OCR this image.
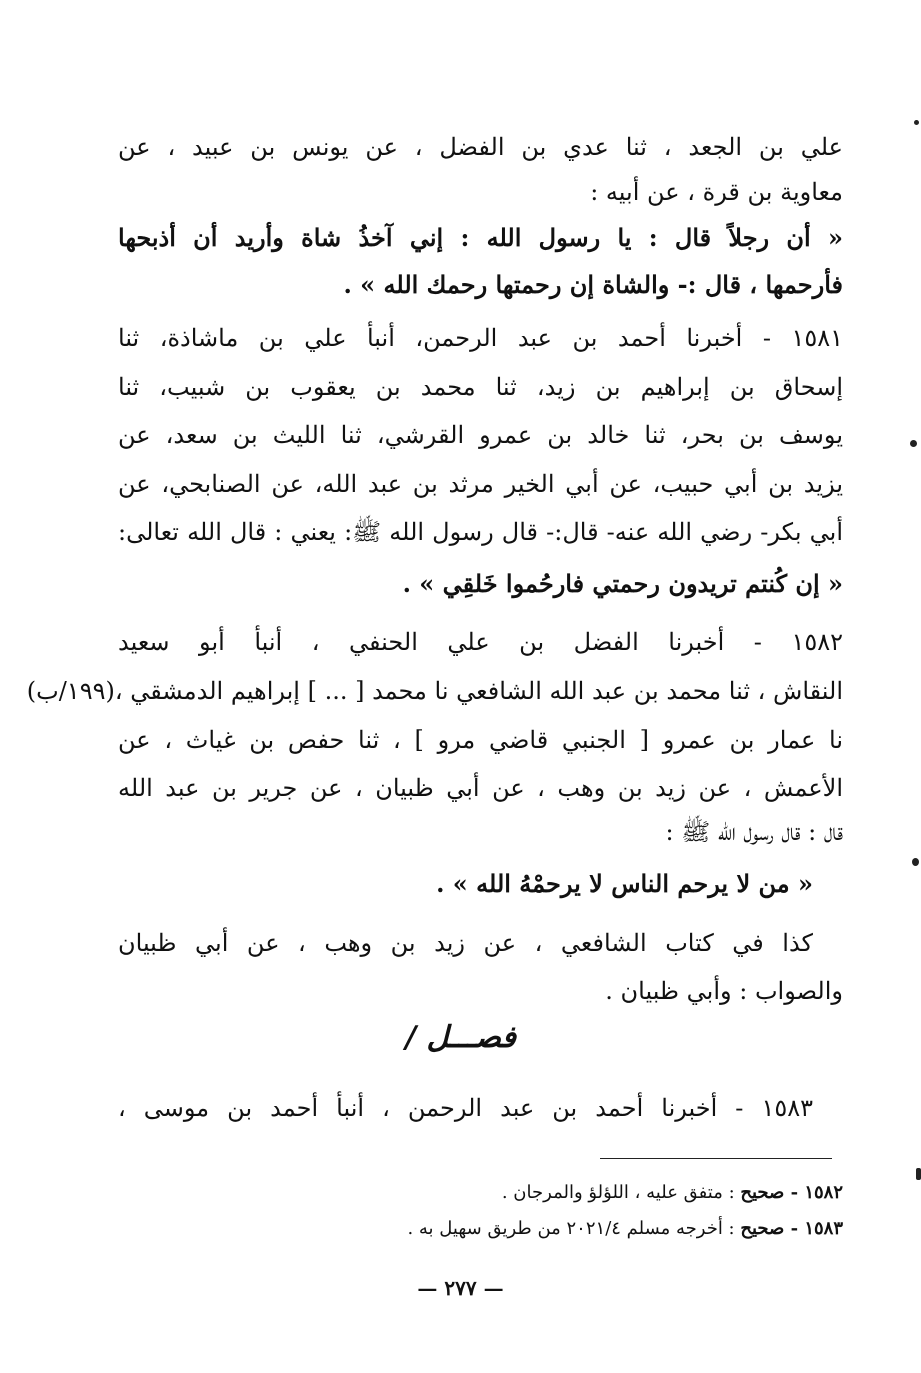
علي بن الجعد ، ثنا عدي بن الفضل ، عن يونس بن عبيد ، عن
معاوية بن قرة ، عن أبيه :
« أن رجلاً قال : يا رسول الله : إني آخذُ شاة وأريد أن أذبحها
فأرحمها ، قال :- والشاة إن رحمتها رحمك الله » .
١٥٨١ - أخبرنا أحمد بن عبد الرحمن، أنبأ علي بن ماشاذة، ثنا
إسحاق بن إبراهيم بن زيد، ثنا محمد بن يعقوب بن شبيب، ثنا
يوسف بن بحر، ثنا خالد بن عمرو القرشي، ثنا الليث بن سعد، عن
يزيد بن أبي حبيب، عن أبي الخير مرثد بن عبد الله، عن الصنابحي، عن
أبي بكر- رضي الله عنه- قال:- قال رسول الله ﷺ: يعني : قال الله تعالى:
« إن كُنتم تريدون رحمتي فارحُموا خَلقِي » .
١٥٨٢ - أخبرنا الفضل بن علي الحنفي ، أنبأ أبو سعيد
النقاش ، ثنا محمد بن عبد الله الشافعي نا محمد [ ... ] إبراهيم الدمشقي ،(١٩٩/ب)
نا عمار بن عمرو [ الجنبي قاضي مرو ] ، ثنا حفص بن غياث ، عن
الأعمش ، عن زيد بن وهب ، عن أبي ظبيان ، عن جرير بن عبد الله
قال : قال رسول الله ﷺ :
« من لا يرحم الناس لا يرحمْهُ الله » .
كذا في كتاب الشافعي ، عن زيد بن وهب ، عن أبي ظبيان
والصواب : وأبي ظبيان .
فصـــل /
١٥٨٣ - أخبرنا أحمد بن عبد الرحمن ، أنبأ أحمد بن موسى ،
١٥٨٢ - صحيح : متفق عليه ، اللؤلؤ والمرجان .
١٥٨٣ - صحيح : أخرجه مسلم ٢٠٢١/٤ من طريق سهيل به .
— ٢٧٧ —
